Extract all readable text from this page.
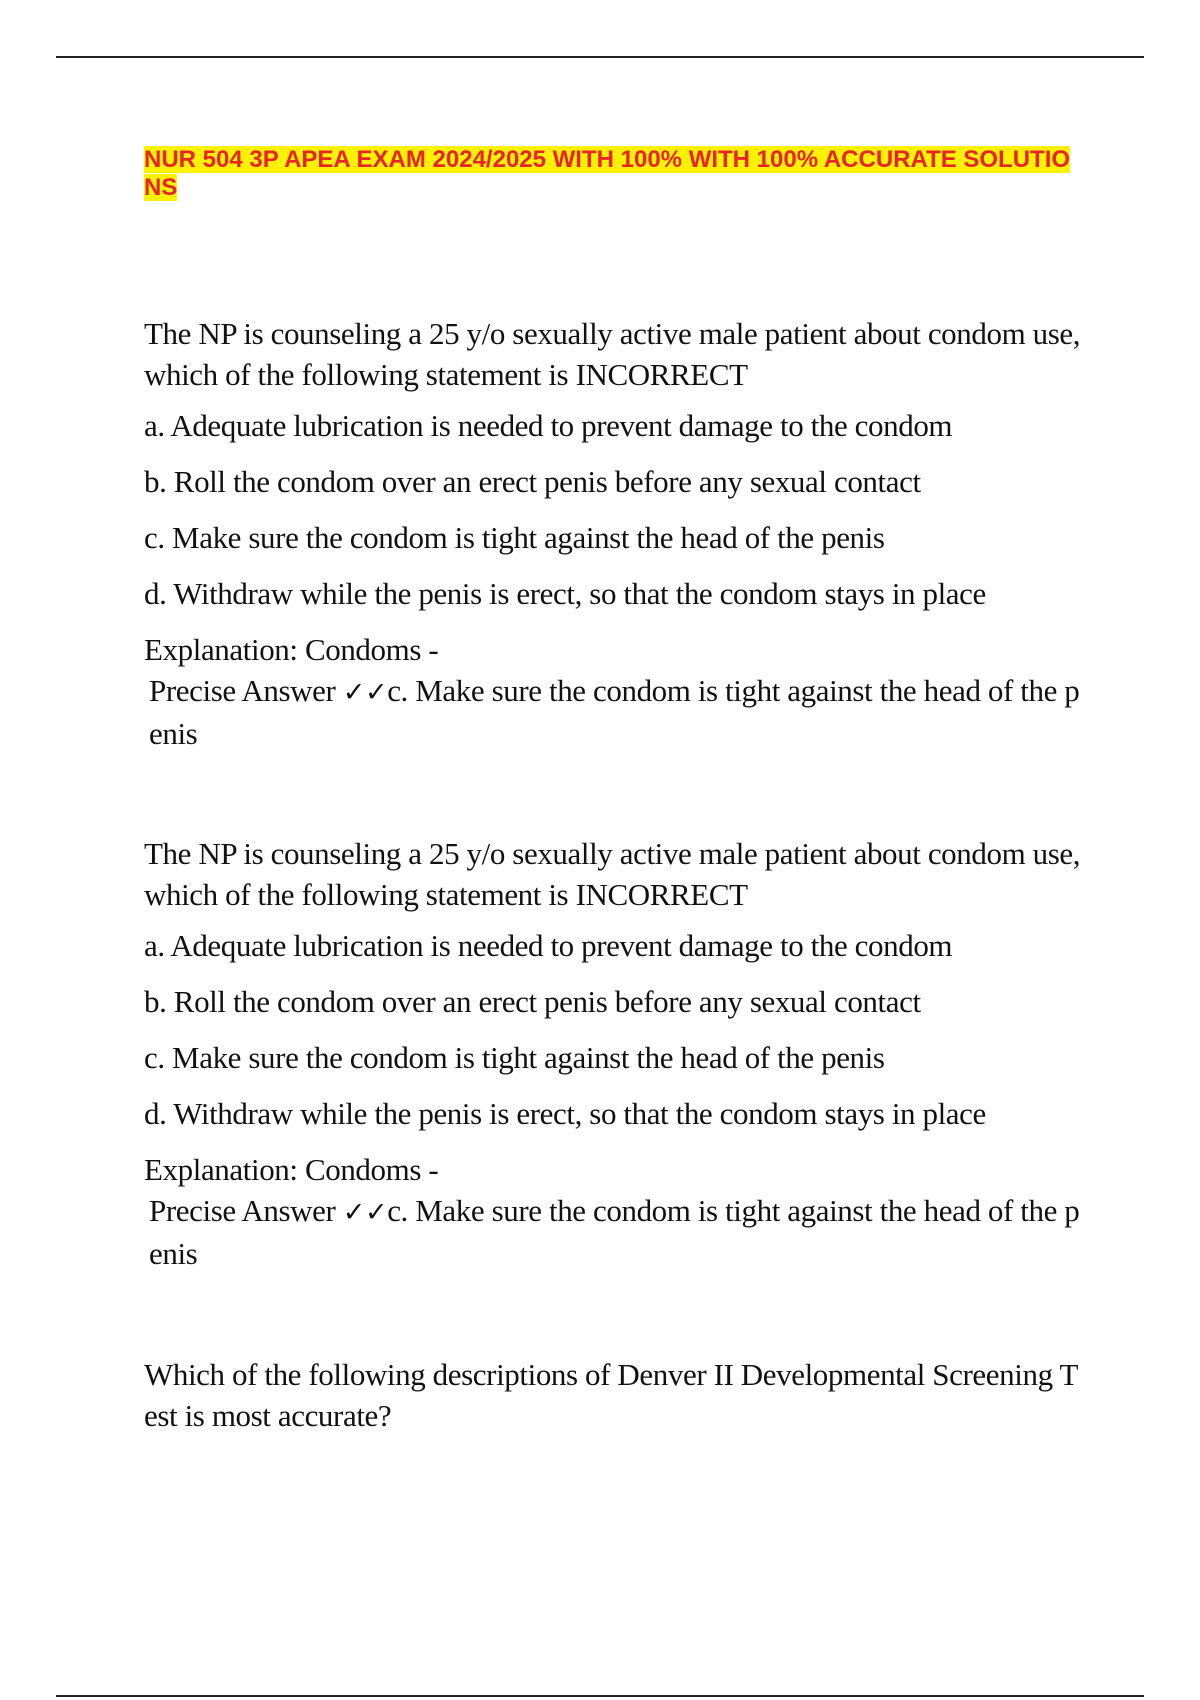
NUR 504 3P APEA EXAM 2024/2025 WITH 100% WITH 100% ACCURATE SOLUTIONS

The NP is counseling a 25 y/o sexually active male patient about condom use, which of the following statement is INCORRECT

a. Adequate lubrication is needed to prevent damage to the condom

b. Roll the condom over an erect penis before any sexual contact

c. Make sure the condom is tight against the head of the penis

d. Withdraw while the penis is erect, so that the condom stays in place

Explanation: Condoms -

Precise Answer ✓✓c. Make sure the condom is tight against the head of the penis

The NP is counseling a 25 y/o sexually active male patient about condom use, which of the following statement is INCORRECT

a. Adequate lubrication is needed to prevent damage to the condom

b. Roll the condom over an erect penis before any sexual contact

c. Make sure the condom is tight against the head of the penis

d. Withdraw while the penis is erect, so that the condom stays in place

Explanation: Condoms -

Precise Answer ✓✓c. Make sure the condom is tight against the head of the penis

Which of the following descriptions of Denver II Developmental Screening Test is most accurate?
